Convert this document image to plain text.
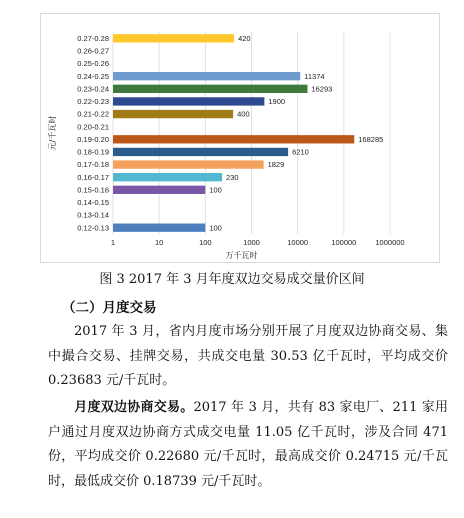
1	10	100	1000	10000	100000	1000000
0.27-0.28	420
0.26-0.27
0.25-0.26
0.24-0.25	11374
0.23-0.24	16293
0.22-0.23	1900
0.21-0.22	400
0.20-0.21
0.19-0.20	168285
0.18-0.19	6210
0.17-0.18	1829
0.16-0.17	230
0.15-0.16	100
0.14-0.15
0.13-0.14
0.12-0.13	100
万千瓦时
元/千瓦时
图 3 2017 年 3 月年度双边交易成交量价区间
（二）月度交易

2017 年 3 月，省内月度市场分别开展了月度双边协商交易、集中撮合交易、挂牌交易，共成交电量 30.53 亿千瓦时，平均成交价 0.23683 元/千瓦时。

月度双边协商交易。2017 年 3 月，共有 83 家电厂、211 家用户通过月度双边协商方式成交电量 11.05 亿千瓦时，涉及合同 471 份，平均成交价 0.22680 元/千瓦时，最高成交价 0.24715 元/千瓦时，最低成交价 0.18739 元/千瓦时。
